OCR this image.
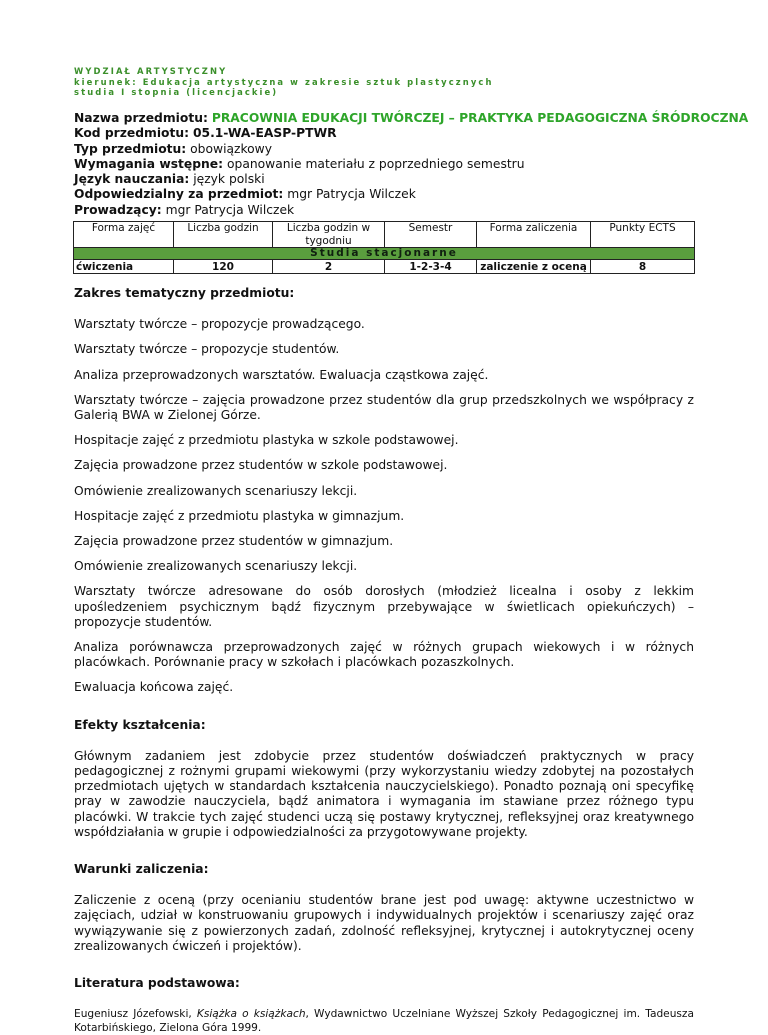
WYDZIAŁ ARTYSTYCZNY
kierunek: Edukacja artystyczna w zakresie sztuk plastycznych
studia I stopnia (licencjackie)
Nazwa przedmiotu: PRACOWNIA EDUKACJI TWÓRCZEJ – PRAKTYKA PEDAGOGICZNA ŚRÓDROCZNA
Kod przedmiotu: 05.1-WA-EASP-PTWR
Typ przedmiotu: obowiązkowy
Wymagania wstępne: opanowanie materiału z poprzedniego semestru
Język nauczania: język polski
Odpowiedzialny za przedmiot: mgr Patrycja Wilczek
Prowadzący: mgr Patrycja Wilczek
Forma zajęć	Liczba godzin	Liczba godzin w tygodniu	Semestr	Forma zaliczenia	Punkty ECTS
Studia stacjonarne					
ćwiczenia	120	2	1-2-3-4	zaliczenie z oceną	8
Zakres tematyczny przedmiotu:

Warsztaty twórcze – propozycje prowadzącego.

Warsztaty twórcze – propozycje studentów.

Analiza przeprowadzonych warsztatów. Ewaluacja cząstkowa zajęć.

Warsztaty twórcze – zajęcia prowadzone przez studentów dla grup przedszkolnych we współpracy z Galerią BWA w Zielonej Górze.

Hospitacje zajęć z przedmiotu plastyka w szkole podstawowej.

Zajęcia prowadzone przez studentów w szkole podstawowej.

Omówienie zrealizowanych scenariuszy lekcji.

Hospitacje zajęć z przedmiotu plastyka w gimnazjum.

Zajęcia prowadzone przez studentów w gimnazjum.

Omówienie zrealizowanych scenariuszy lekcji.

Warsztaty twórcze adresowane do osób dorosłych (młodzież licealna i osoby z lekkim upośledzeniem psychicznym bądź fizycznym przebywające w świetlicach opiekuńczych) – propozycje studentów.

Analiza porównawcza przeprowadzonych zajęć w różnych grupach wiekowych i w różnych placówkach. Porównanie pracy w szkołach i placówkach pozaszkolnych.

Ewaluacja końcowa zajęć.

Efekty kształcenia:

Głównym zadaniem jest zdobycie przez studentów doświadczeń praktycznych w pracy pedagogicznej z rożnymi grupami wiekowymi (przy wykorzystaniu wiedzy zdobytej na pozostałych przedmiotach ujętych w standardach kształcenia nauczycielskiego). Ponadto poznają oni specyfikę pray w zawodzie nauczyciela, bądź animatora i wymagania im stawiane przez różnego typu placówki. W trakcie tych zajęć studenci uczą się postawy krytycznej, refleksyjnej oraz kreatywnego współdziałania w grupie i odpowiedzialności za przygotowywane projekty.

Warunki zaliczenia:

Zaliczenie z oceną (przy ocenianiu studentów brane jest pod uwagę: aktywne uczestnictwo w zajęciach, udział w konstruowaniu grupowych i indywidualnych projektów i scenariuszy zajęć oraz wywiązywanie się z powierzonych zadań, zdolność refleksyjnej, krytycznej i autokrytycznej oceny zrealizowanych ćwiczeń i projektów).

Literatura podstawowa:

Eugeniusz Józefowski, Książka o książkach, Wydawnictwo Uczelniane Wyższej Szkoły Pedagogicznej im. Tadeusza Kotarbińskiego, Zielona Góra 1999.
